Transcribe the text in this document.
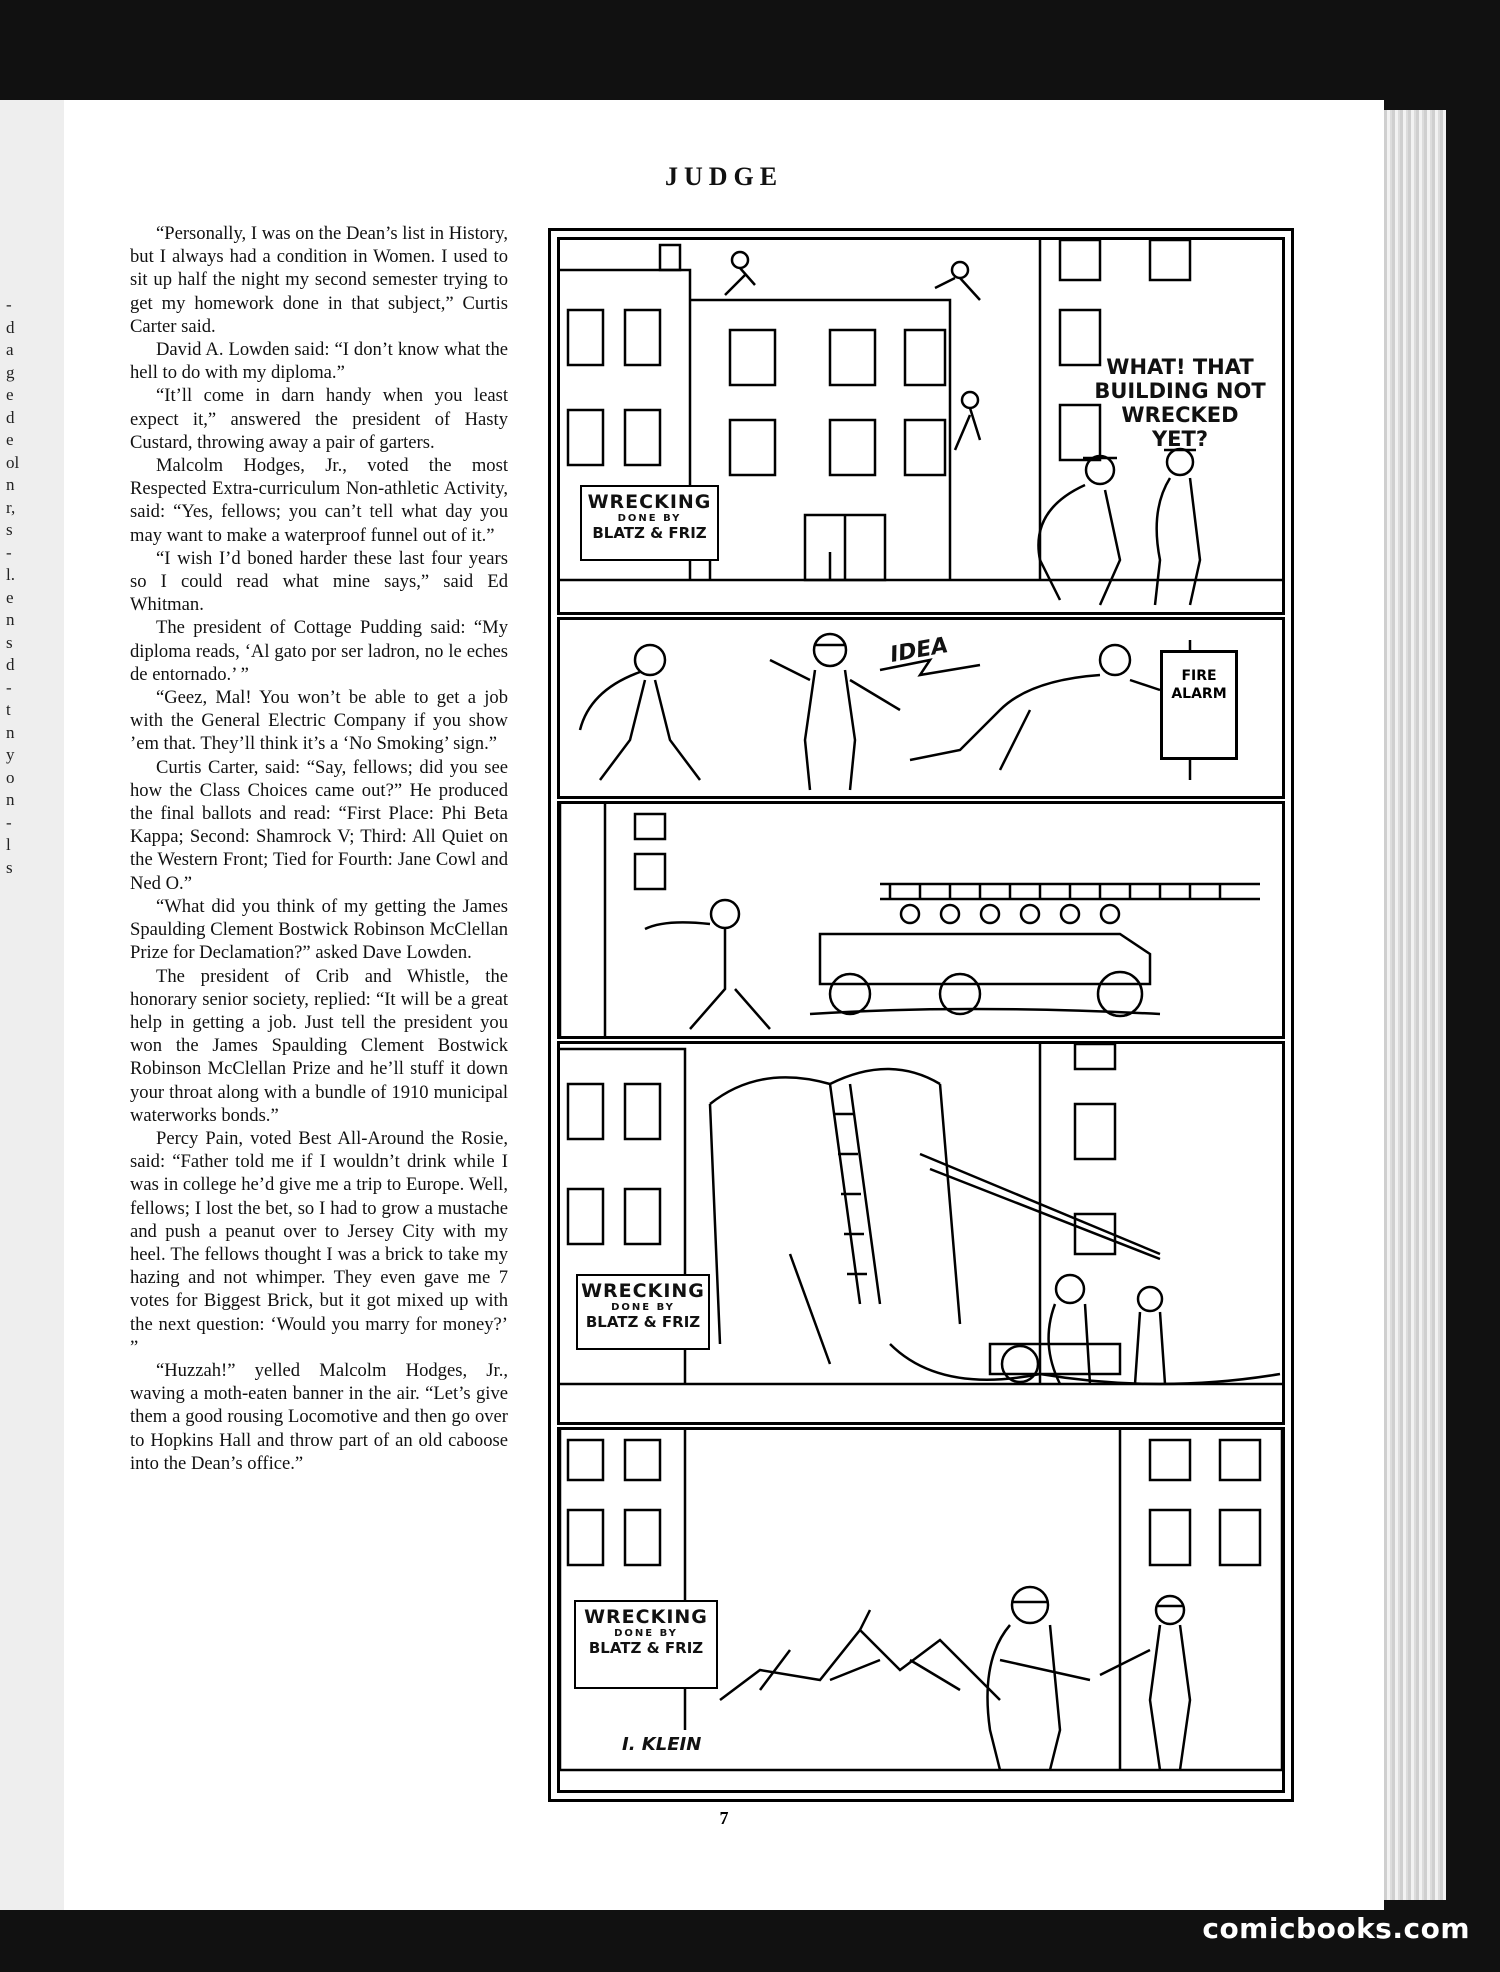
-
d
a
g
e
d
e
ol
n
r,
s
-
l.
e
n
s
d
-
t
n
y
o
n
-
l
s
JUDGE

“Personally, I was on the Dean’s list in History, but I always had a condition in Women. I used to sit up half the night my second semester trying to get my homework done in that subject,” Curtis Carter said.

David A. Lowden said: “I don’t know what the hell to do with my diploma.”

“It’ll come in darn handy when you least expect it,” answered the president of Hasty Custard, throwing away a pair of garters.

Malcolm Hodges, Jr., voted the most Respected Extra-curriculum Non-athletic Activity, said: “Yes, fellows; you can’t tell what day you may want to make a waterproof funnel out of it.”

“I wish I’d boned harder these last four years so I could read what mine says,” said Ed Whitman.

The president of Cottage Pudding said: “My diploma reads, ‘Al gato por ser ladron, no le eches de entornado.’ ”

“Geez, Mal! You won’t be able to get a job with the General Electric Company if you show ’em that. They’ll think it’s a ‘No Smoking’ sign.”

Curtis Carter, said: “Say, fellows; did you see how the Class Choices came out?” He produced the final ballots and read: “First Place: Phi Beta Kappa; Second: Shamrock V; Third: All Quiet on the Western Front; Tied for Fourth: Jane Cowl and Ned O.”

“What did you think of my getting the James Spaulding Clement Bostwick Robinson McClellan Prize for Declamation?” asked Dave Lowden.

The president of Crib and Whistle, the honorary senior society, replied: “It will be a great help in getting a job. Just tell the president you won the James Spaulding Clement Bostwick Robinson McClellan Prize and he’ll stuff it down your throat along with a bundle of 1910 municipal waterworks bonds.”

Percy Pain, voted Best All-Around the Rosie, said: “Father told me if I wouldn’t drink while I was in college he’d give me a trip to Europe. Well, fellows; I lost the bet, so I had to grow a mustache and push a peanut over to Jersey City with my heel. The fellows thought I was a brick to take my hazing and not whimper. They even gave me 7 votes for Biggest Brick, but it got mixed up with the next question: ‘Would you marry for money?’ ”

“Huzzah!” yelled Malcolm Hodges, Jr., waving a moth-eaten banner in the air. “Let’s give them a good rousing Locomotive and then go over to Hopkins Hall and throw part of an old caboose into the Dean’s office.”

WHAT! THAT
BUILDING NOT
WRECKED YET?
WRECKING
DONE BY
BLATZ & FRIZ
IDEA
FIRE
ALARM
WRECKING
DONE BY
BLATZ & FRIZ
WRECKING
DONE BY
BLATZ & FRIZ
I. KLEIN
7
comicbooks.com
